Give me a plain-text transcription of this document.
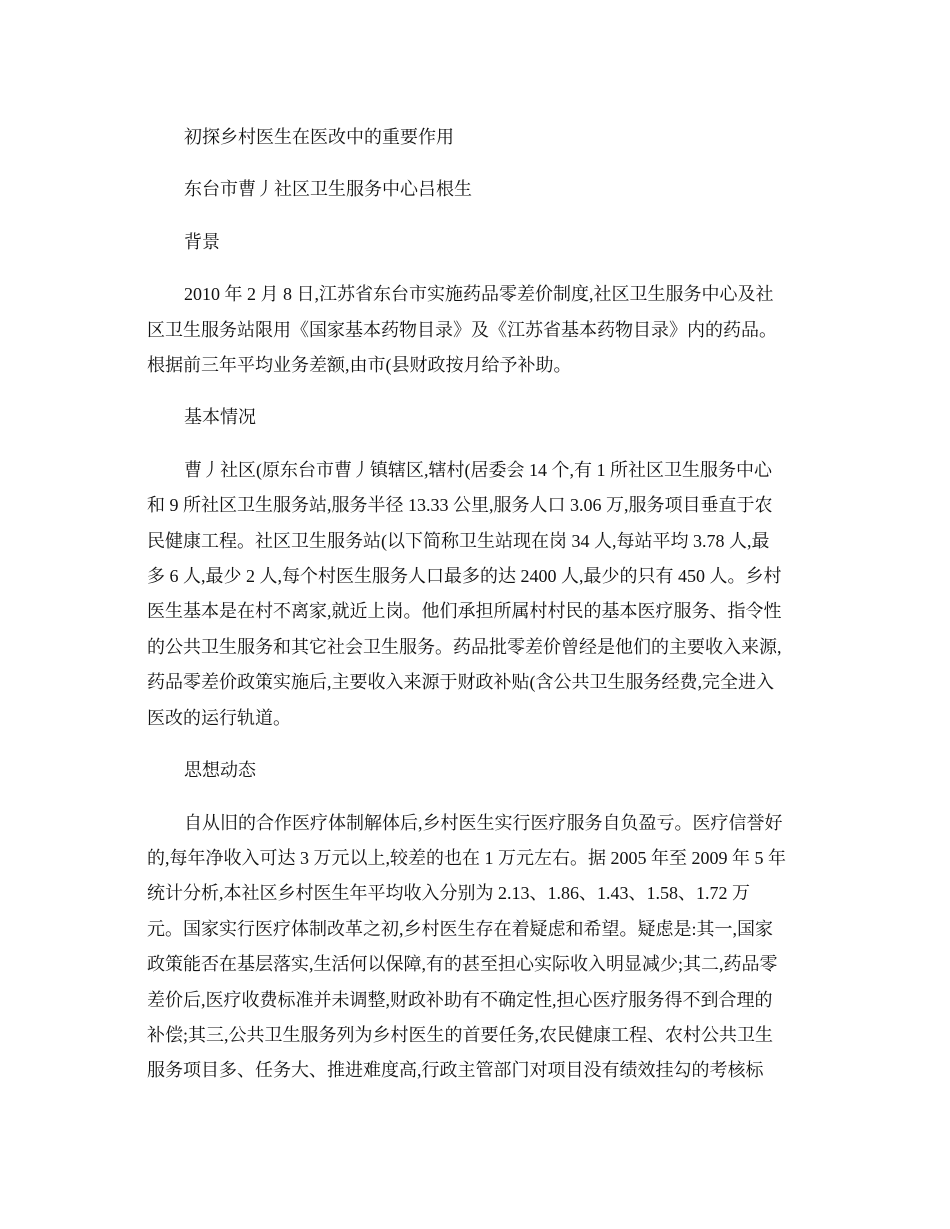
初探乡村医生在医改中的重要作用

东台市曹丿社区卫生服务中心吕根生

背景

2010 年 2 月 8 日,江苏省东台市实施药品零差价制度,社区卫生服务中心及社
区卫生服务站限用《国家基本药物目录》及《江苏省基本药物目录》内的药品。
根据前三年平均业务差额,由市(县财政按月给予补助。

基本情况

曹丿社区(原东台市曹丿镇辖区,辖村(居委会 14 个,有 1 所社区卫生服务中心
和 9 所社区卫生服务站,服务半径 13.33 公里,服务人口 3.06 万,服务项目垂直于农
民健康工程。社区卫生服务站(以下简称卫生站现在岗 34 人,每站平均 3.78 人,最
多 6 人,最少 2 人,每个村医生服务人口最多的达 2400 人,最少的只有 450 人。乡村
医生基本是在村不离家,就近上岗。他们承担所属村村民的基本医疗服务、指令性
的公共卫生服务和其它社会卫生服务。药品批零差价曾经是他们的主要收入来源,
药品零差价政策实施后,主要收入来源于财政补贴(含公共卫生服务经费,完全进入
医改的运行轨道。

思想动态

自从旧的合作医疗体制解体后,乡村医生实行医疗服务自负盈亏。医疗信誉好
的,每年净收入可达 3 万元以上,较差的也在 1 万元左右。据 2005 年至 2009 年 5 年
统计分析,本社区乡村医生年平均收入分别为 2.13、1.86、1.43、1.58、1.72 万
元。国家实行医疗体制改革之初,乡村医生存在着疑虑和希望。疑虑是:其一,国家
政策能否在基层落实,生活何以保障,有的甚至担心实际收入明显减少;其二,药品零
差价后,医疗收费标准并未调整,财政补助有不确定性,担心医疗服务得不到合理的
补偿;其三,公共卫生服务列为乡村医生的首要任务,农民健康工程、农村公共卫生
服务项目多、任务大、推进难度高,行政主管部门对项目没有绩效挂勾的考核标
